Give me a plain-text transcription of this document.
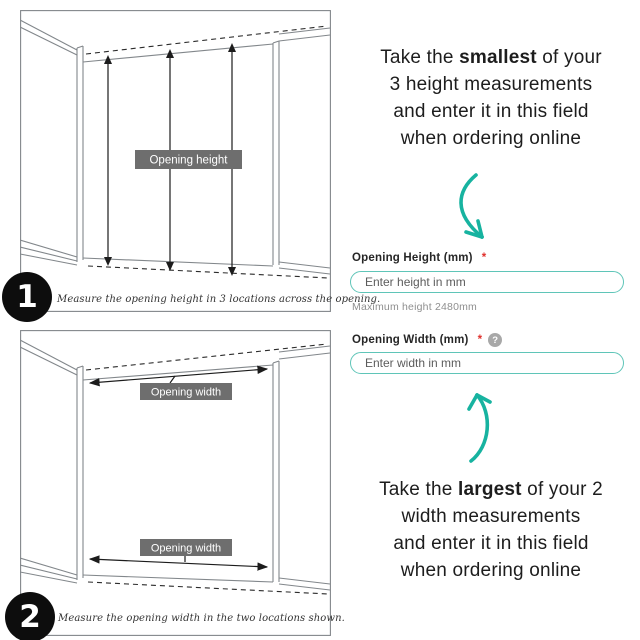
Opening height
Measure the opening height in 3 locations across the opening.
1
Opening width
Opening width
Measure the opening width in the two locations shown.
2
Take the smallest of your
3 height measurements
and enter it in this field
when ordering online
Opening Height (mm) *
Enter height in mm
Maximum height 2480mm
Opening Width (mm) *	?
Enter width in mm
Take the largest of your 2
width measurements
and enter it in this field
when ordering online
